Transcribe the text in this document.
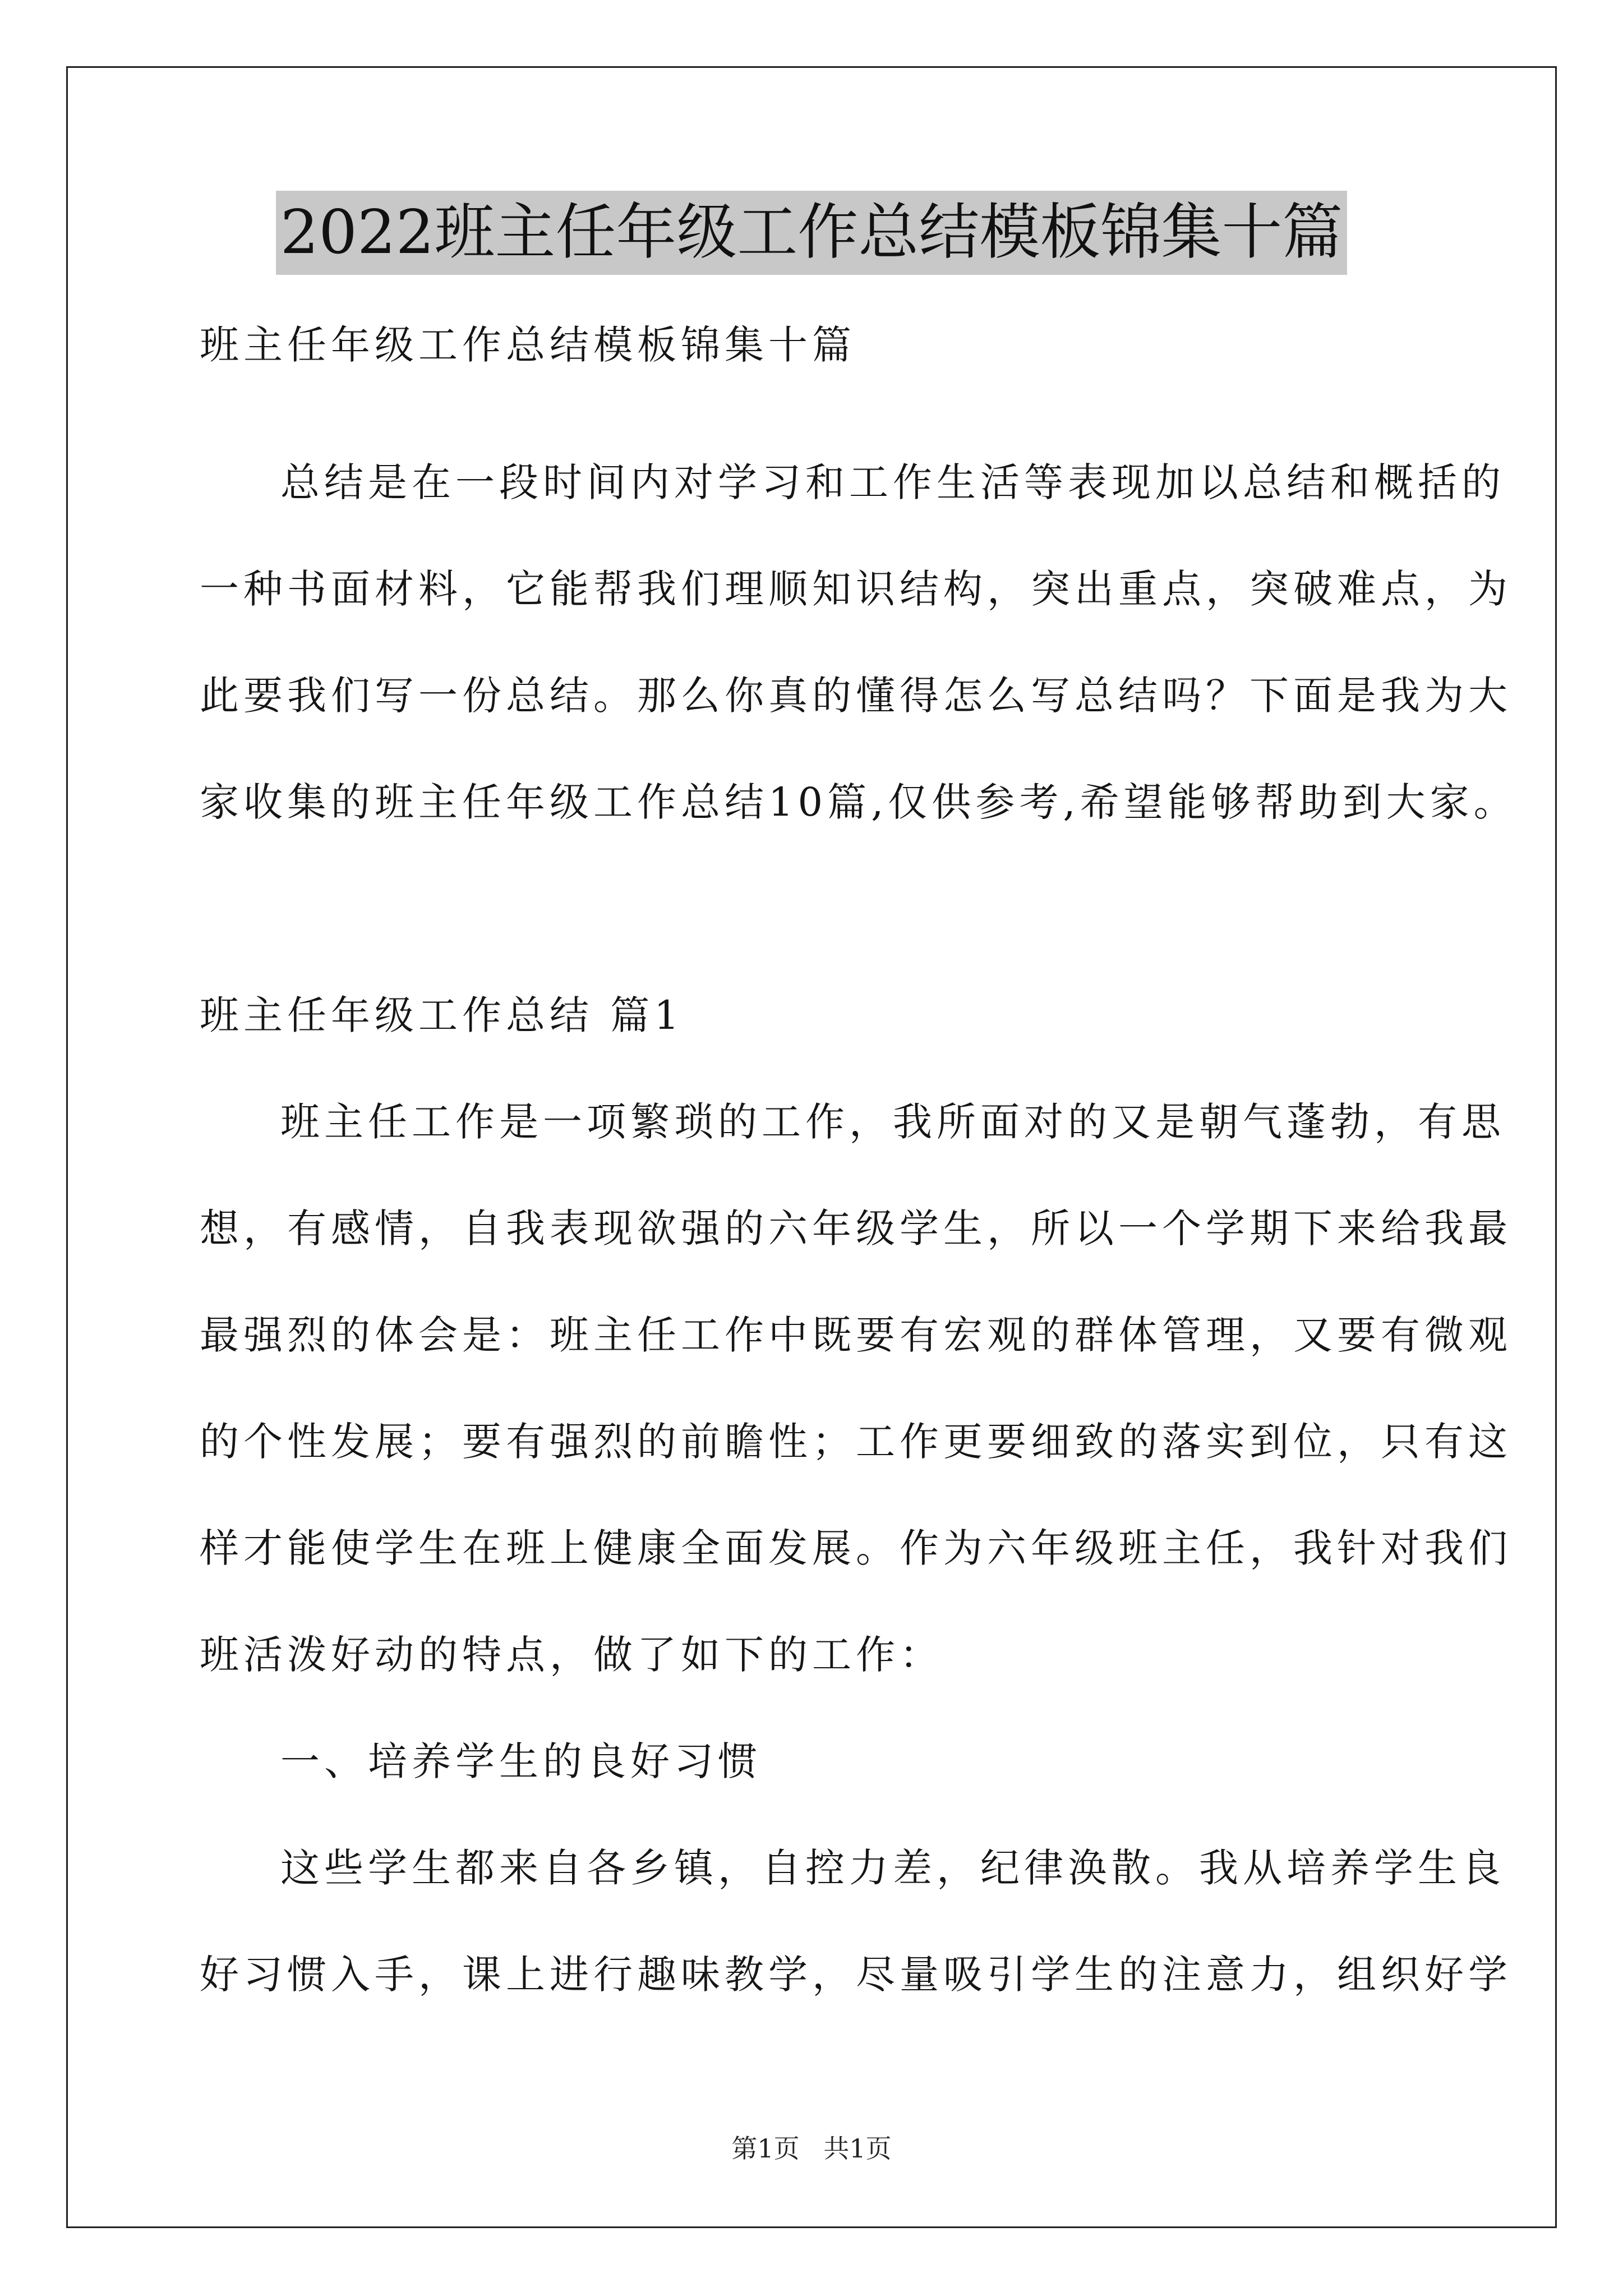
2022班主任年级工作总结模板锦集十篇
班主任年级工作总结模板锦集十篇
总结是在一段时间内对学习和工作生活等表现加以总结和概括的
一种书面材料，它能帮我们理顺知识结构，突出重点，突破难点，为
此要我们写一份总结。那么你真的懂得怎么写总结吗？下面是我为大
家收集的班主任年级工作总结10篇,仅供参考,希望能够帮助到大家。
班主任年级工作总结 篇1
班主任工作是一项繁琐的工作，我所面对的又是朝气蓬勃，有思
想，有感情，自我表现欲强的六年级学生，所以一个学期下来给我最
最强烈的体会是：班主任工作中既要有宏观的群体管理，又要有微观
的个性发展；要有强烈的前瞻性；工作更要细致的落实到位，只有这
样才能使学生在班上健康全面发展。作为六年级班主任，我针对我们
班活泼好动的特点，做了如下的工作：
一、培养学生的良好习惯
这些学生都来自各乡镇，自控力差，纪律涣散。我从培养学生良
好习惯入手，课上进行趣味教学，尽量吸引学生的注意力，组织好学
第1页 共1页
